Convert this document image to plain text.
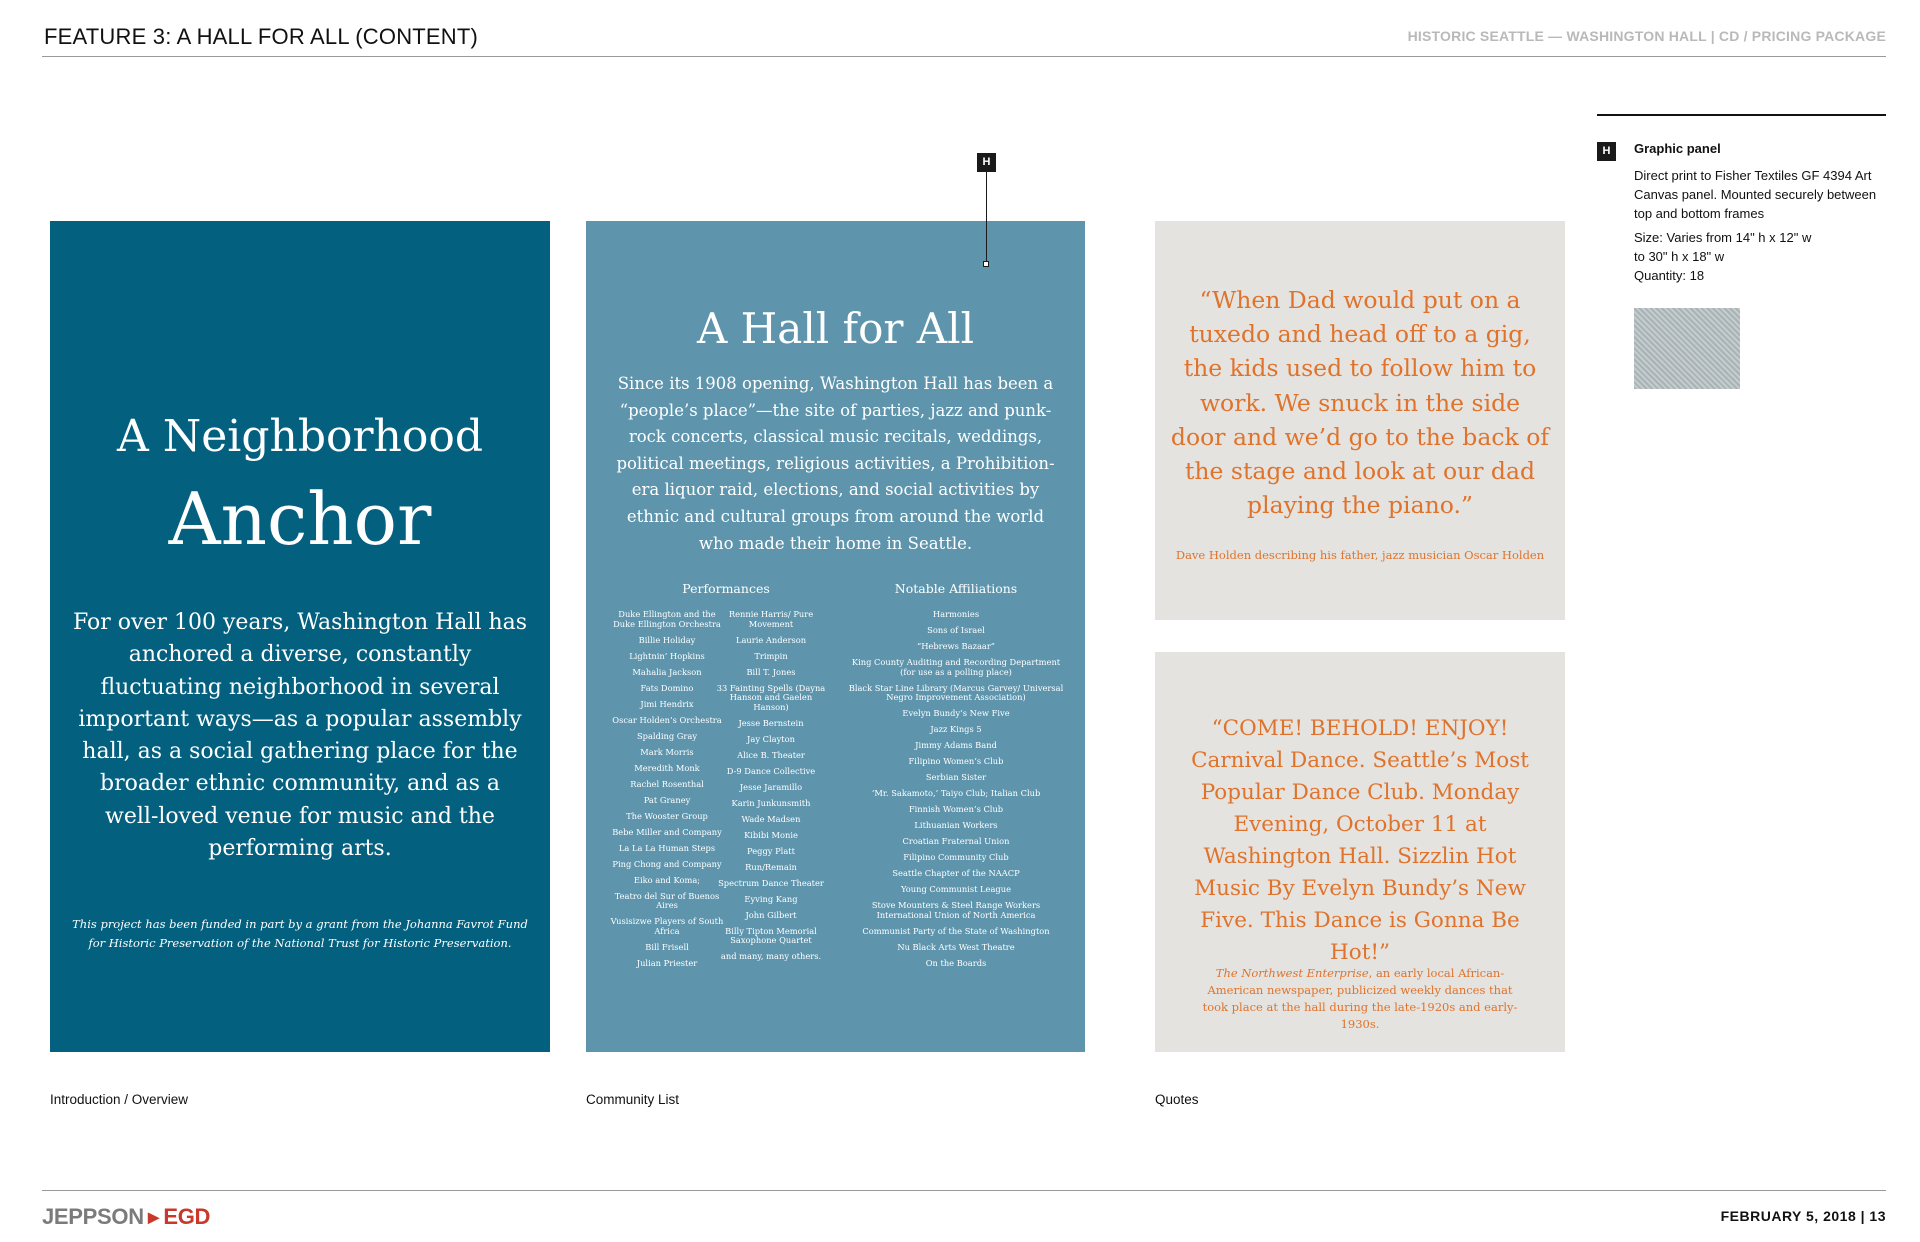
FEATURE 3: A HALL FOR ALL (CONTENT)	HISTORIC SEATTLE — WASHINGTON HALL | CD / PRICING PACKAGE
A Neighborhood
Anchor
For over 100 years, Washington Hall has anchored a diverse, constantly fluctuating neighborhood in several important ways—as a popular assembly hall, as a social gathering place for the broader ethnic community, and as a well-loved venue for music and the performing arts.
This project has been funded in part by a grant from the Johanna Favrot Fund for Historic Preservation of the National Trust for Historic Preservation.
A Hall for All
Since its 1908 opening, Washington Hall has been a “people’s place”—the site of parties, jazz and punk-rock concerts, classical music recitals, weddings, political meetings, religious activities, a Prohibition-era liquor raid, elections, and social activities by ethnic and cultural groups from around the world who made their home in Seattle.
Performances	Notable Affiliations
Duke Ellington and the Duke Ellington Orchestra
Billie Holiday
Lightnin’ Hopkins
Mahalia Jackson
Fats Domino
Jimi Hendrix
Oscar Holden’s Orchestra
Spalding Gray
Mark Morris
Meredith Monk
Rachel Rosenthal
Pat Graney
The Wooster Group
Bebe Miller and Company
La La La Human Steps
Ping Chong and Company
Eiko and Koma;
Teatro del Sur of Buenos Aires
Vusisizwe Players of South Africa
Bill Frisell
Julian Priester
Rennie Harris/ Pure Movement
Laurie Anderson
Trimpin
Bill T. Jones
33 Fainting Spells (Dayna Hanson and Gaelen Hanson)
Jesse Bernstein
Jay Clayton
Alice B. Theater
D-9 Dance Collective
Jesse Jaramillo
Karin Junkunsmith
Wade Madsen
Kibibi Monie
Peggy Platt
Run/Remain
Spectrum Dance Theater
Eyving Kang
John Gilbert
Billy Tipton Memorial Saxophone Quartet
and many, many others.
Harmonies
Sons of Israel
“Hebrews Bazaar”
King County Auditing and Recording Department (for use as a polling place)
Black Star Line Library (Marcus Garvey/ Universal Negro Improvement Association)
Evelyn Bundy’s New Five
Jazz Kings 5
Jimmy Adams Band
Filipino Women’s Club
Serbian Sister
‘Mr. Sakamoto,’ Taiyo Club; Italian Club
Finnish Women’s Club
Lithuanian Workers
Croatian Fraternal Union
Filipino Community Club
Seattle Chapter of the NAACP
Young Communist League
Stove Mounters & Steel Range Workers International Union of North America
Communist Party of the State of Washington
Nu Black Arts West Theatre
On the Boards
H
“When Dad would put on a tuxedo and head off to a gig, the kids used to follow him to work. We snuck in the side door and we’d go to the back of the stage and look at our dad playing the piano.”
Dave Holden describing his father, jazz musician Oscar Holden
“COME! BEHOLD! ENJOY! Carnival Dance. Seattle’s Most Popular Dance Club. Monday Evening, October 11 at Washington Hall. Sizzlin Hot Music By Evelyn Bundy’s New Five. This Dance is Gonna Be Hot!”
The Northwest Enterprise, an early local African-American newspaper, publicized weekly dances that took place at the hall during the late-1920s and early-1930s.
H	Graphic panel
Direct print to Fisher Textiles GF 4394 Art Canvas panel. Mounted securely between top and bottom frames
Size: Varies from 14" h x 12" w
to 30" h x 18" w
Quantity: 18
Introduction / Overview	Community List	Quotes
JEPPSON►EGD	FEBRUARY 5, 2018 | 13
